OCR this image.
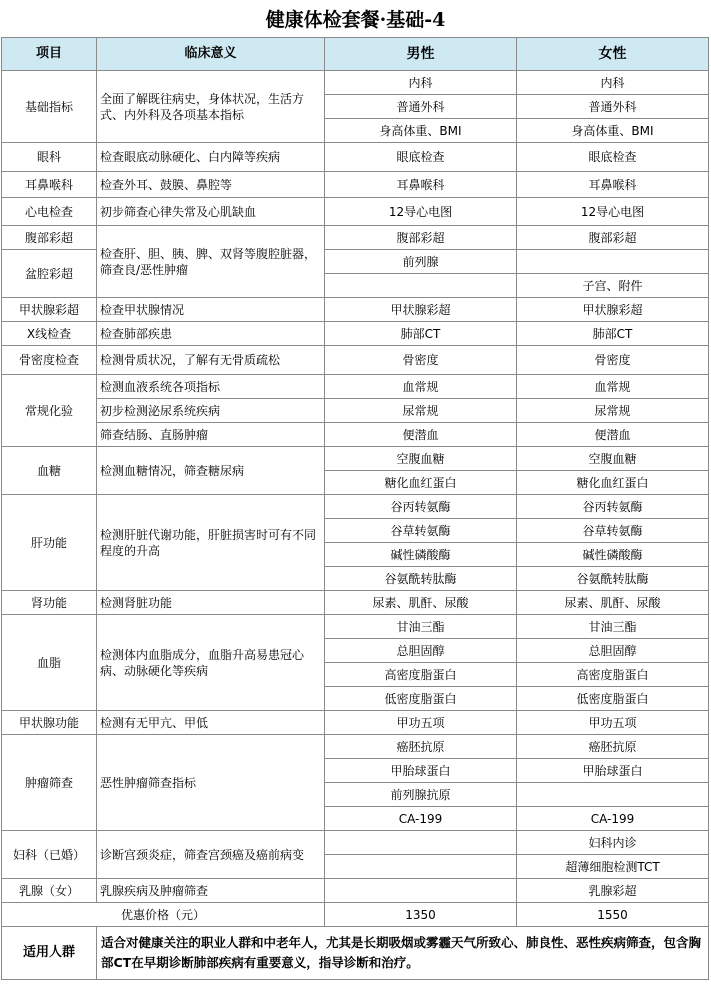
健康体检套餐·基础-4
项目	临床意义	男性	女性
基础指标	全面了解既往病史，身体状况，生活方式、内外科及各项基本指标	内科	内科
		普通外科	普通外科
		身高体重、BMI	身高体重、BMI
眼科	检查眼底动脉硬化、白内障等疾病	眼底检查	眼底检查
耳鼻喉科	检查外耳、鼓膜、鼻腔等	耳鼻喉科	耳鼻喉科
心电检查	初步筛查心律失常及心肌缺血	12导心电图	12导心电图
腹部彩超	检查肝、胆、胰、脾、双肾等腹腔脏器，筛查良/恶性肿瘤	腹部彩超	腹部彩超
盆腔彩超		前列腺	
			子宫、附件
甲状腺彩超	检查甲状腺情况	甲状腺彩超	甲状腺彩超
X线检查	检查肺部疾患	肺部CT	肺部CT
骨密度检查	检测骨质状况，了解有无骨质疏松	骨密度	骨密度
常规化验	检测血液系统各项指标	血常规	血常规
	初步检测泌尿系统疾病	尿常规	尿常规
	筛查结肠、直肠肿瘤	便潜血	便潜血
血糖	检测血糖情况，筛查糖尿病	空腹血糖	空腹血糖
		糖化血红蛋白	糖化血红蛋白
肝功能	检测肝脏代谢功能，肝脏损害时可有不同程度的升高	谷丙转氨酶	谷丙转氨酶
		谷草转氨酶	谷草转氨酶
		碱性磷酸酶	碱性磷酸酶
		谷氨酰转肽酶	谷氨酰转肽酶
肾功能	检测肾脏功能	尿素、肌酐、尿酸	尿素、肌酐、尿酸
血脂	检测体内血脂成分，血脂升高易患冠心病、动脉硬化等疾病	甘油三酯	甘油三酯
		总胆固醇	总胆固醇
		高密度脂蛋白	高密度脂蛋白
		低密度脂蛋白	低密度脂蛋白
甲状腺功能	检测有无甲亢、甲低	甲功五项	甲功五项
肿瘤筛查	恶性肿瘤筛查指标	癌胚抗原	癌胚抗原
		甲胎球蛋白	甲胎球蛋白
		前列腺抗原	
		CA-199	CA-199
妇科（已婚）	诊断宫颈炎症，筛查宫颈癌及癌前病变		妇科内诊
			超薄细胞检测TCT
乳腺（女）	乳腺疾病及肿瘤筛查		乳腺彩超
优惠价格（元）		1350	1550
适用人群	适合对健康关注的职业人群和中老年人，尤其是长期吸烟或雾霾天气所致心、肺良性、恶性疾病筛查，包含胸部CT在早期诊断肺部疾病有重要意义，指导诊断和治疗。		
